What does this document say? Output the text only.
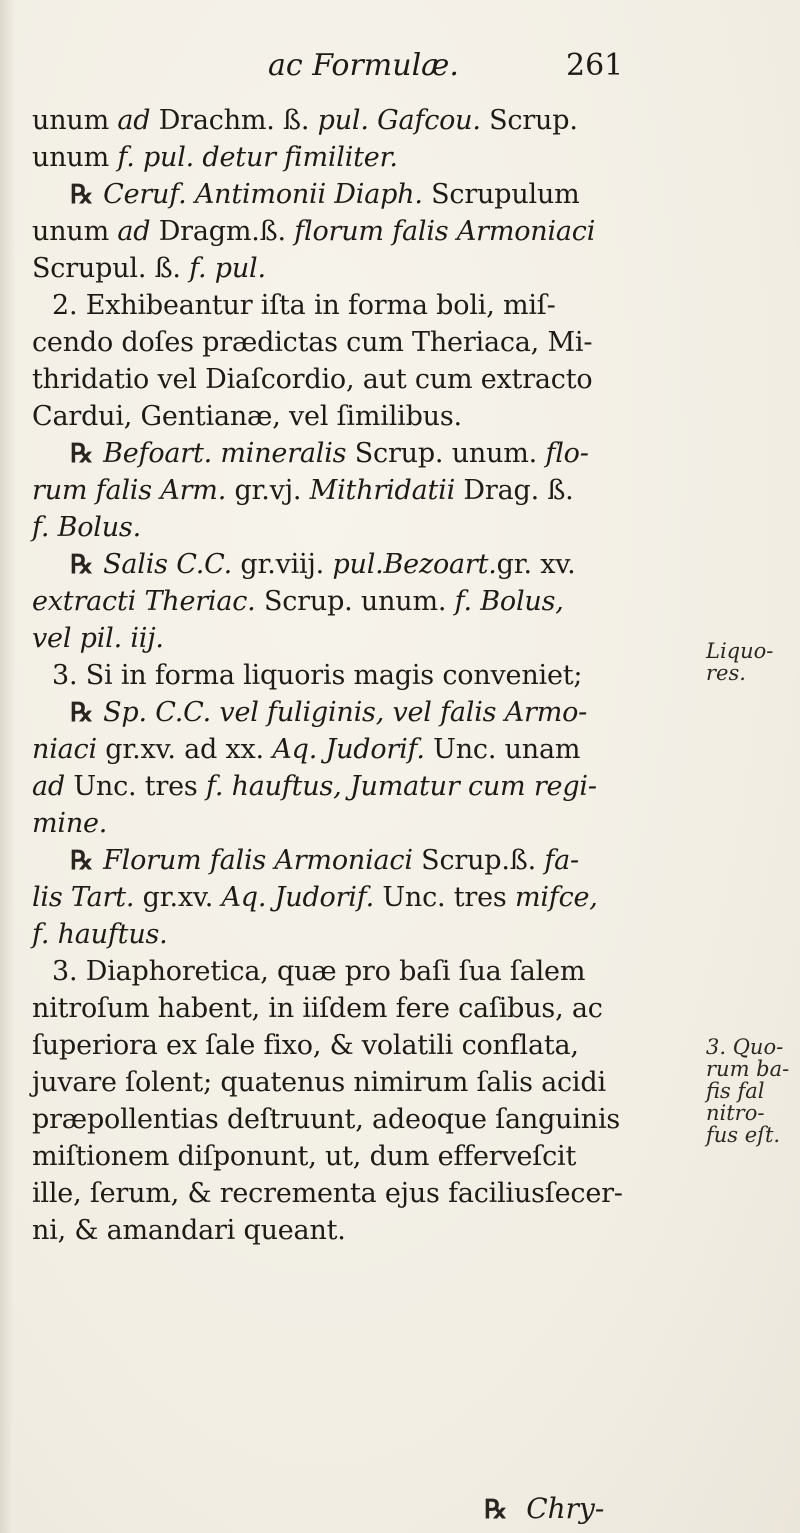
ac Formulæ.	261
unum ad Drachm. ß. pul. Gafcou. Scrup.
unum f. pul. detur fimiliter.
℞ Ceruf. Antimonii Diaph. Scrupulum
unum ad Dragm.ß. florum falis Armoniaci
Scrupul. ß. f. pul.
2. Exhibeantur iſta in forma boli, miſ-
cendo doſes prædictas cum Theriaca, Mi-
thridatio vel Diaſcordio, aut cum extracto
Cardui, Gentianæ, vel ſimilibus.
℞ Befoart. mineralis Scrup. unum. flo-
rum falis Arm. gr.vj. Mithridatii Drag. ß.
f. Bolus.
℞ Salis C.C. gr.viij. pul.Bezoart.gr. xv.
extracti Theriac. Scrup. unum. f. Bolus,
vel pil. iij.
3. Si in forma liquoris magis conveniet;
℞ Sp. C.C. vel fuliginis, vel falis Armo-
niaci gr.xv. ad xx. Aq. Judorif. Unc. unam
ad Unc. tres f. hauftus, Jumatur cum regi-
mine.
℞ Florum falis Armoniaci Scrup.ß. fa-
lis Tart. gr.xv. Aq. Judorif. Unc. tres mifce,
f. hauftus.
3. Diaphoretica, quæ pro baſi ſua ſalem
nitroſum habent, in iiſdem fere caſibus, ac
ſuperiora ex ſale fixo, & volatili conflata,
juvare ſolent; quatenus nimirum ſalis acidi
præpollentias deſtruunt, adeoque ſanguinis
miſtionem diſponunt, ut, dum efferveſcit
ille, ſerum, & recrementa ejus faciliusſecer-
ni, & amandari queant.
Liquo-
res.
3. Quo-
rum ba-
fis fal
nitro-
fus eſt.
℞ Chry-
